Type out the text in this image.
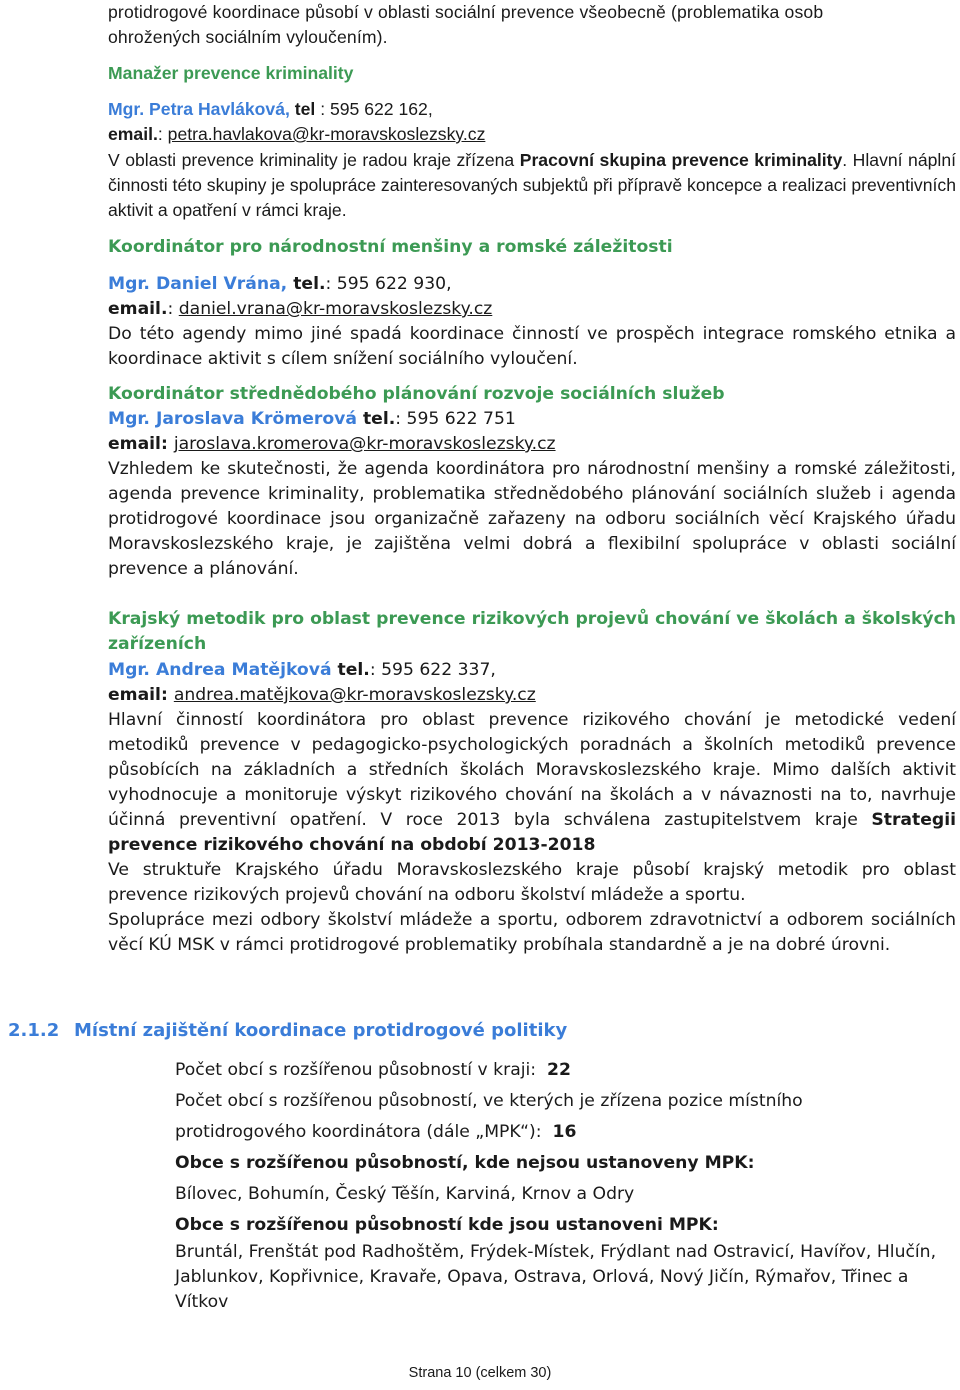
protidrogové koordinace působí v oblasti sociální prevence všeobecně (problematika osob
ohrožených sociálním vyloučením).
Manažer prevence kriminality
Mgr. Petra Havláková, tel : 595 622 162,
email.: petra.havlakova@kr-moravskoslezsky.cz
V oblasti prevence kriminality je radou kraje zřízena Pracovní skupina prevence kriminality. Hlavní náplní činnosti této skupiny je spolupráce zainteresovaných subjektů při přípravě koncepce a realizaci preventivních aktivit a opatření v rámci kraje.
Koordinátor pro národnostní menšiny a romské záležitosti
Mgr. Daniel Vrána, tel.: 595 622 930,
email.: daniel.vrana@kr-moravskoslezsky.cz
Do této agendy mimo jiné spadá koordinace činností ve prospěch integrace romského etnika a koordinace aktivit s cílem snížení sociálního vyloučení.
Koordinátor střednědobého plánování rozvoje sociálních služeb
Mgr. Jaroslava Krömerová tel.: 595 622 751
email: jaroslava.kromerova@kr-moravskoslezsky.cz
Vzhledem ke skutečnosti, že agenda koordinátora pro národnostní menšiny a romské záležitosti, agenda prevence kriminality, problematika střednědobého plánování sociálních služeb i agenda protidrogové koordinace jsou organizačně zařazeny na odboru sociálních věcí Krajského úřadu Moravskoslezského kraje, je zajištěna velmi dobrá a flexibilní spolupráce v oblasti sociální prevence a plánování.
Krajský metodik pro oblast prevence rizikových projevů chování ve školách a školských zařízeních
Mgr. Andrea Matějková tel.: 595 622 337,
email: andrea.matějkova@kr-moravskoslezsky.cz
Hlavní činností koordinátora pro oblast prevence rizikového chování je metodické vedení metodiků prevence v pedagogicko-psychologických poradnách a školních metodiků prevence působících na základních a středních školách Moravskoslezského kraje. Mimo dalších aktivit vyhodnocuje a monitoruje výskyt rizikového chování na školách a v návaznosti na to, navrhuje účinná preventivní opatření. V roce 2013 byla schválena zastupitelstvem kraje Strategii prevence rizikového chování na období 2013-2018
Ve struktuře Krajského úřadu Moravskoslezského kraje působí krajský metodik pro oblast prevence rizikových projevů chování na odboru školství mládeže a sportu.
Spolupráce mezi odbory školství mládeže a sportu, odborem zdravotnictví a odborem sociálních věcí KÚ MSK v rámci protidrogové problematiky probíhala standardně a je na dobré úrovni.
2.1.2 Místní zajištění koordinace protidrogové politiky
Počet obcí s rozšířenou působností v kraji: 22
Počet obcí s rozšířenou působností, ve kterých je zřízena pozice místního
protidrogového koordinátora (dále „MPK“): 16
Obce s rozšířenou působností, kde nejsou ustanoveny MPK:
Bílovec, Bohumín, Český Těšín, Karviná, Krnov a Odry
Obce s rozšířenou působností kde jsou ustanoveni MPK:
Bruntál, Frenštát pod Radhoštěm, Frýdek-Místek, Frýdlant nad Ostravicí, Havířov, Hlučín, Jablunkov, Kopřivnice, Kravaře, Opava, Ostrava, Orlová, Nový Jičín, Rýmařov, Třinec a Vítkov
Strana 10 (celkem 30)
